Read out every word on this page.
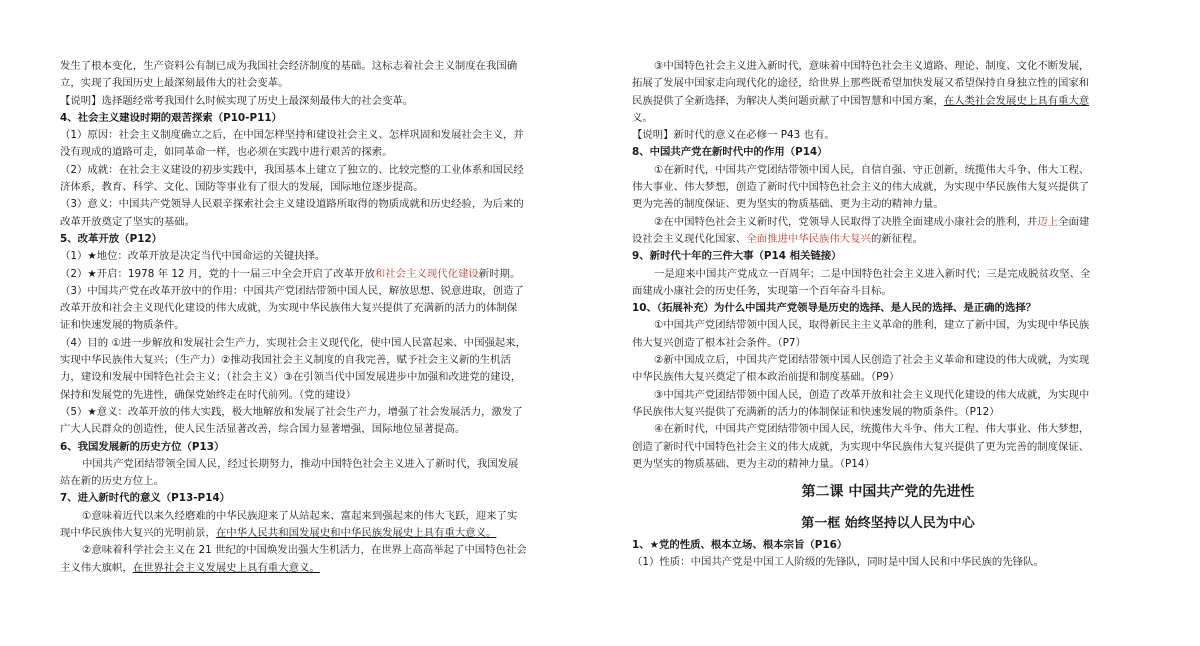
发生了根本变化，生产资料公有制已成为我国社会经济制度的基础。这标志着社会主义制度在我国确
立，实现了我国历史上最深刻最伟大的社会变革。
【说明】选择题经常考我国什么时候实现了历史上最深刻最伟大的社会变革。
4、社会主义建设时期的艰苦探索（P10-P11）
（1）原因：社会主义制度确立之后，在中国怎样坚持和建设社会主义、怎样巩固和发展社会主义，并
没有现成的道路可走，如同革命一样，也必须在实践中进行艰苦的探索。
（2）成就：在社会主义建设的初步实践中，我国基本上建立了独立的、比较完整的工业体系和国民经
济体系，教育、科学、文化、国防等事业有了很大的发展，国际地位逐步提高。
（3）意义：中国共产党领导人民艰辛探索社会主义建设道路所取得的物质成就和历史经验，为后来的
改革开放奠定了坚实的基础。
5、改革开放（P12）
（1）★地位：改革开放是决定当代中国命运的关键抉择。
（2）★开启：1978 年 12 月，党的十一届三中全会开启了改革开放和社会主义现代化建设新时期。
（3）中国共产党在改革开放中的作用：中国共产党团结带领中国人民，解放思想、锐意进取，创造了
改革开放和社会主义现代化建设的伟大成就，为实现中华民族伟大复兴提供了充满新的活力的体制保
证和快速发展的物质条件。
（4）目的 ①进一步解放和发展社会生产力，实现社会主义现代化，使中国人民富起来、中国强起来，
实现中华民族伟大复兴；（生产力）②推动我国社会主义制度的自我完善，赋予社会主义新的生机活
力，建设和发展中国特色社会主义；（社会主义）③在引领当代中国发展进步中加强和改进党的建设，
保持和发展党的先进性，确保党始终走在时代前列。（党的建设）
（5）★意义：改革开放的伟大实践，极大地解放和发展了社会生产力，增强了社会发展活力，激发了
广大人民群众的创造性，使人民生活显著改善，综合国力显著增强，国际地位显著提高。
6、我国发展新的历史方位（P13）
中国共产党团结带领全国人民，经过长期努力，推动中国特色社会主义进入了新时代，我国发展
站在新的历史方位上。
7、进入新时代的意义（P13-P14）
①意味着近代以来久经磨难的中华民族迎来了从站起来、富起来到强起来的伟大飞跃，迎来了实
现中华民族伟大复兴的光明前景，在中华人民共和国发展史和中华民族发展史上具有重大意义。
②意味着科学社会主义在 21 世纪的中国焕发出强大生机活力，在世界上高高举起了中国特色社会
主义伟大旗帜，在世界社会主义发展史上具有重大意义。
③中国特色社会主义进入新时代，意味着中国特色社会主义道路、理论、制度、文化不断发展，
拓展了发展中国家走向现代化的途径，给世界上那些既希望加快发展又希望保持自身独立性的国家和
民族提供了全新选择，为解决人类问题贡献了中国智慧和中国方案，在人类社会发展史上具有重大意
义。
【说明】新时代的意义在必修一 P43 也有。
8、中国共产党在新时代中的作用（P14）
①在新时代，中国共产党团结带领中国人民，自信自强、守正创新，统揽伟大斗争、伟大工程、
伟大事业、伟大梦想，创造了新时代中国特色社会主义的伟大成就，为实现中华民族伟大复兴提供了
更为完善的制度保证、更为坚实的物质基础、更为主动的精神力量。
②在中国特色社会主义新时代，党领导人民取得了决胜全面建成小康社会的胜利，并迈上全面建
设社会主义现代化国家、全面推进中华民族伟大复兴的新征程。
9、新时代十年的三件大事（P14 相关链接）
一是迎来中国共产党成立一百周年；二是中国特色社会主义进入新时代；三是完成脱贫攻坚、全
面建成小康社会的历史任务，实现第一个百年奋斗目标。
10、（拓展补充）为什么中国共产党领导是历史的选择、是人民的选择、是正确的选择？
①中国共产党团结带领中国人民，取得新民主主义革命的胜利，建立了新中国，为实现中华民族
伟大复兴创造了根本社会条件。（P7）
②新中国成立后，中国共产党团结带领中国人民创造了社会主义革命和建设的伟大成就，为实现
中华民族伟大复兴奠定了根本政治前提和制度基础。（P9）
③中国共产党团结带领中国人民，创造了改革开放和社会主义现代化建设的伟大成就，为实现中
华民族伟大复兴提供了充满新的活力的体制保证和快速发展的物质条件。（P12）
④在新时代，中国共产党团结带领中国人民，统揽伟大斗争、伟大工程、伟大事业、伟大梦想，
创造了新时代中国特色社会主义的伟大成就，为实现中华民族伟大复兴提供了更为完善的制度保证、
更为坚实的物质基础、更为主动的精神力量。（P14）
第二课 中国共产党的先进性
第一框 始终坚持以人民为中心
1、★党的性质、根本立场、根本宗旨（P16）
（1）性质：中国共产党是中国工人阶级的先锋队，同时是中国人民和中华民族的先锋队。
